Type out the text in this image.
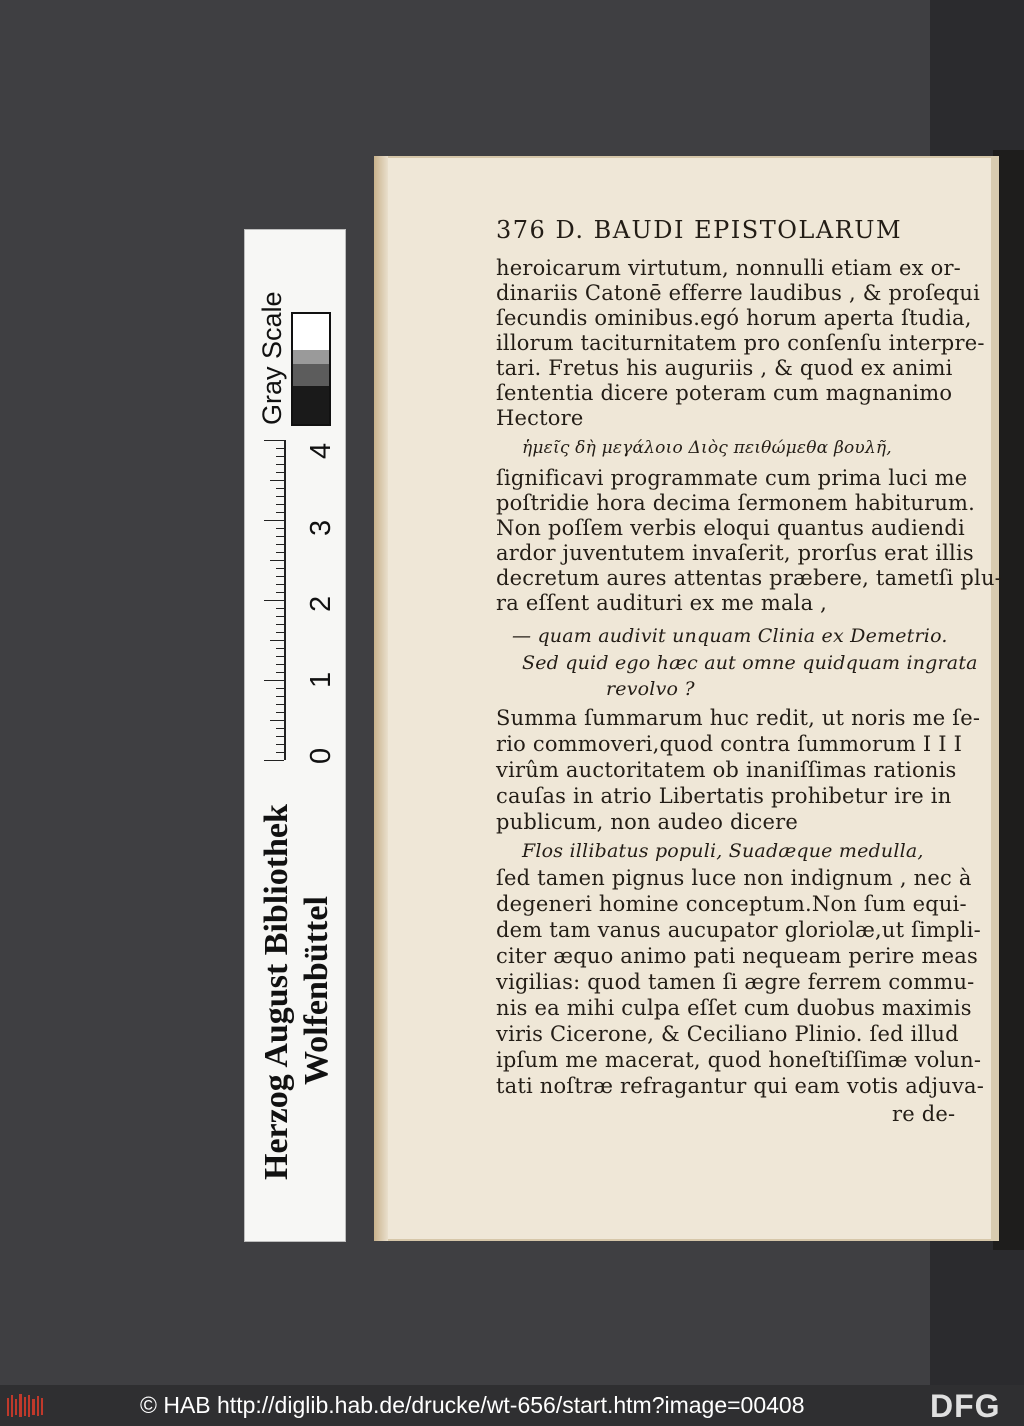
Gray Scale
4
3
2
1
0
Herzog August Bibliothek Wolfenbüttel
376 D. BAUDI EPISTOLARUM
heroicarum virtutum, nonnulli etiam ex or-
dinariis Catonē efferre laudibus , & proſequi
ſecundis ominibus.egó horum aperta ſtudia,
illorum taciturnitatem pro conſenſu interpre-
tari. Fretus his auguriis , & quod ex animi
ſententia dicere poteram cum magnanimo
Hectore
ἡμεῖς δὴ μεγάλοιο Διὸς πειθώμεθα βουλῆ,
ſignificavi programmate cum prima luci me
poſtridie hora decima ſermonem habiturum.
Non poſſem verbis eloqui quantus audiendi
ardor juventutem invaſerit, prorſus erat illis
decretum aures attentas præbere, tametſi plu-
ra eſſent audituri ex me mala ,
— quam audivit unquam Clinia ex Demetrio.
Sed quid ego hæc aut omne quidquam ingrata
revolvo ?
Summa ſummarum huc redit, ut noris me ſe-
rio commoveri,quod contra ſummorum I I I
virûm auctoritatem ob inaniſſimas rationis
cauſas in atrio Libertatis prohibetur ire in
publicum, non audeo dicere
Flos illibatus populi, Suadæque medulla,
ſed tamen pignus luce non indignum , nec à
degeneri homine conceptum.Non ſum equi-
dem tam vanus aucupator gloriolæ,ut ſimpli-
citer æquo animo pati nequeam perire meas
vigilias: quod tamen ſi ægre ferrem commu-
nis ea mihi culpa eſſet cum duobus maximis
viris Cicerone, & Ceciliano Plinio. ſed illud
ipſum me macerat, quod honeſtiſſimæ volun-
tati noſtræ refragantur qui eam votis adjuva-
re de-
© HAB http://diglib.hab.de/drucke/wt-656/start.htm?image=00408	DFG
